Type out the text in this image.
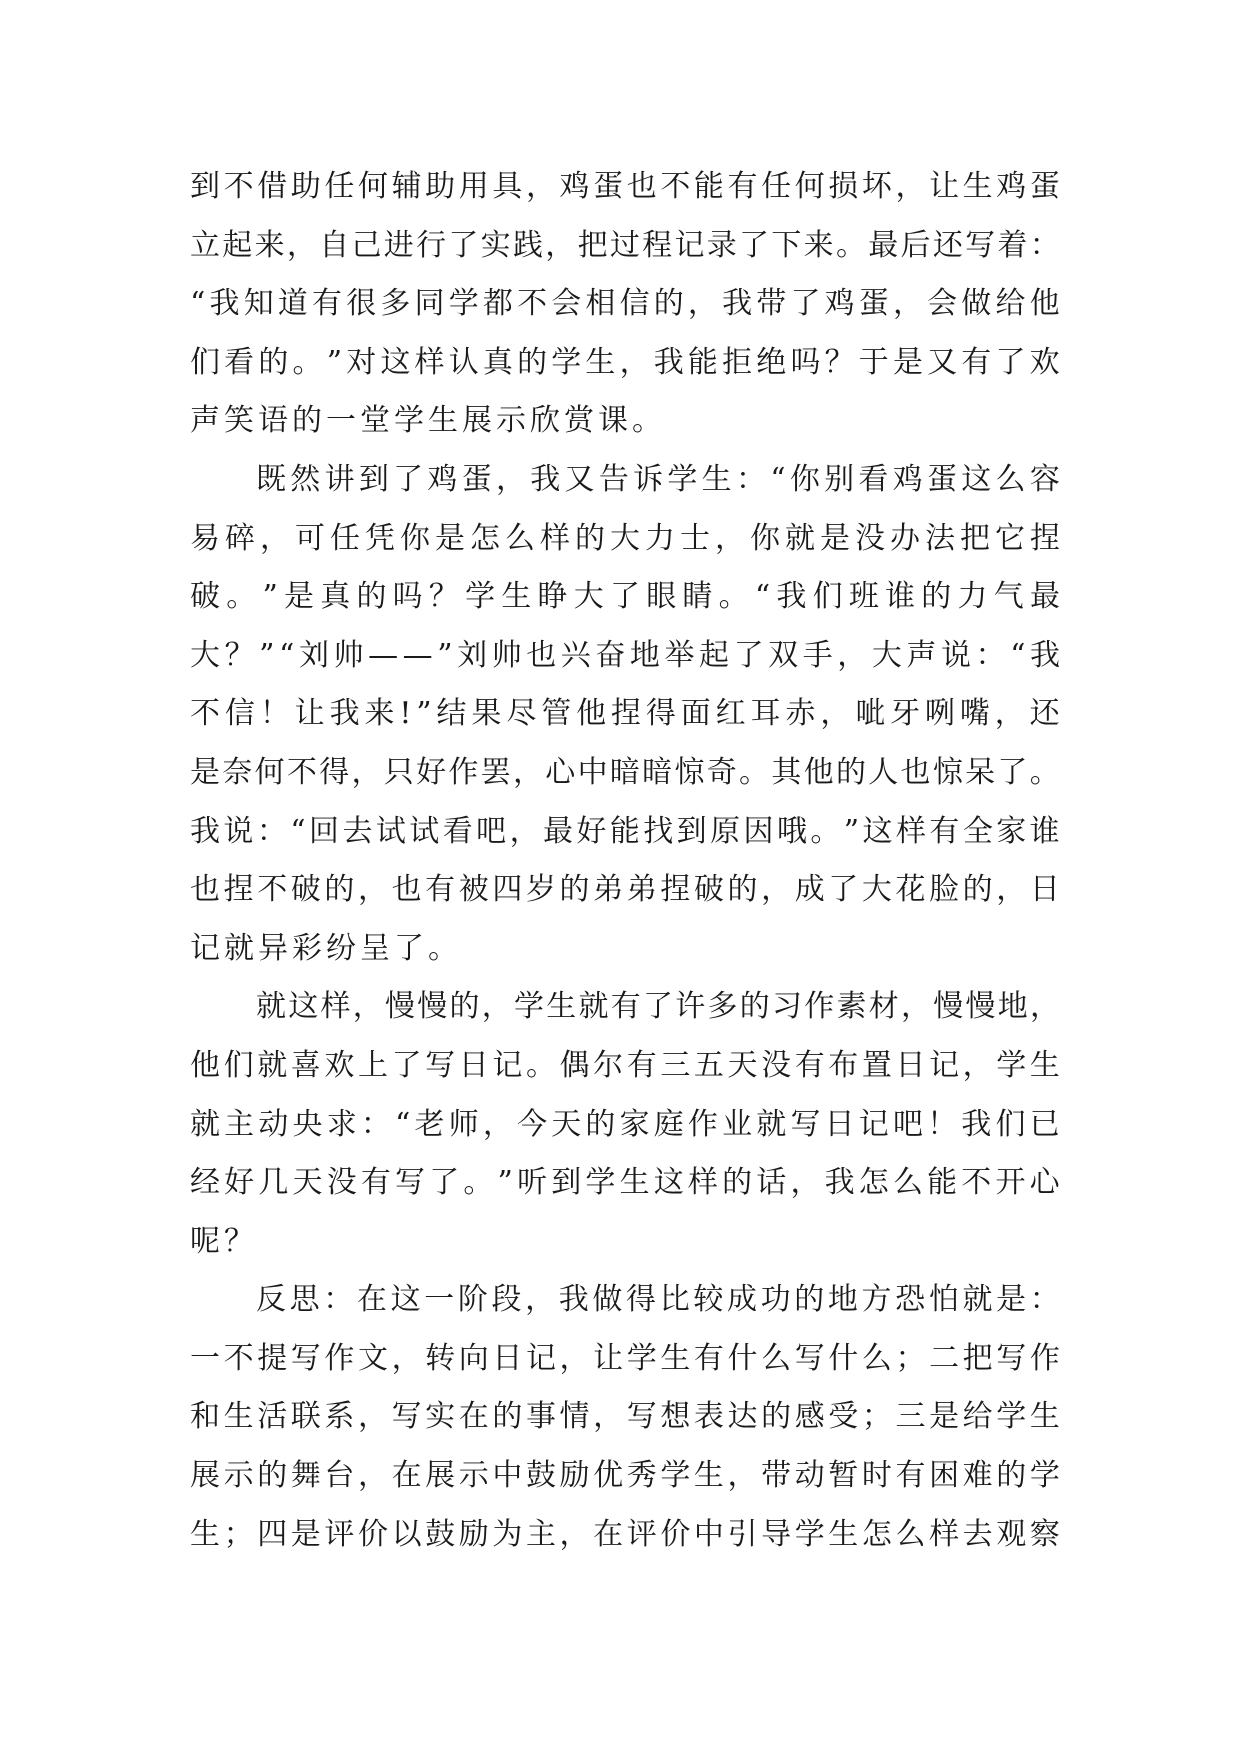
到 不 借 助 任 何 辅 助 用 具 ， 鸡 蛋 也 不 能 有 任 何 损 坏 ， 让 生 鸡 蛋
立 起 来 ， 自 己 进 行 了 实 践 ， 把 过 程 记 录 了 下 来 。 最 后 还 写 着 ：
“ 我 知 道 有 很 多 同 学 都 不 会 相 信 的 ， 我 带 了 鸡 蛋 ， 会 做 给 他
们 看 的 。 ” 对 这 样 认 真 的 学 生 ， 我 能 拒 绝 吗 ？ 于 是 又 有 了 欢
声笑语的一堂学生展示欣赏课。
既 然 讲 到 了 鸡 蛋 ， 我 又 告 诉 学 生 ： “ 你 别 看 鸡 蛋 这 么 容
易 碎 ， 可 任 凭 你 是 怎 么 样 的 大 力 士 ， 你 就 是 没 办 法 把 它 捏
破 。 ” 是 真 的 吗 ？ 学 生 睁 大 了 眼 睛 。 “ 我 们 班 谁 的 力 气 最
大 ？ ” “ 刘 帅 — — ” 刘 帅 也 兴 奋 地 举 起 了 双 手 ， 大 声 说 ： “ 我
不 信 ！ 让 我 来 ! ” 结 果 尽 管 他 捏 得 面 红 耳 赤 ， 呲 牙 咧 嘴 ， 还
是 奈 何 不 得 ， 只 好 作 罢 ， 心 中 暗 暗 惊 奇 。 其 他 的 人 也 惊 呆 了 。
我 说 ： “ 回 去 试 试 看 吧 ， 最 好 能 找 到 原 因 哦 。 ” 这 样 有 全 家 谁
也 捏 不 破 的 ， 也 有 被 四 岁 的 弟 弟 捏 破 的 ， 成 了 大 花 脸 的 ， 日
记就异彩纷呈了。
就 这 样 ， 慢 慢 的 ， 学 生 就 有 了 许 多 的 习 作 素 材 ， 慢 慢 地 ，
他 们 就 喜 欢 上 了 写 日 记 。 偶 尔 有 三 五 天 没 有 布 置 日 记 ， 学 生
就 主 动 央 求 ： “ 老 师 ， 今 天 的 家 庭 作 业 就 写 日 记 吧 ！ 我 们 已
经 好 几 天 没 有 写 了 。 ” 听 到 学 生 这 样 的 话 ， 我 怎 么 能 不 开 心
呢？
反 思 ： 在 这 一 阶 段 ， 我 做 得 比 较 成 功 的 地 方 恐 怕 就 是 ：
一 不 提 写 作 文 ， 转 向 日 记 ， 让 学 生 有 什 么 写 什 么 ； 二 把 写 作
和 生 活 联 系 ， 写 实 在 的 事 情 ， 写 想 表 达 的 感 受 ； 三 是 给 学 生
展 示 的 舞 台 ， 在 展 示 中 鼓 励 优 秀 学 生 ， 带 动 暂 时 有 困 难 的 学
生 ； 四 是 评 价 以 鼓 励 为 主 ， 在 评 价 中 引 导 学 生 怎 么 样 去 观 察
